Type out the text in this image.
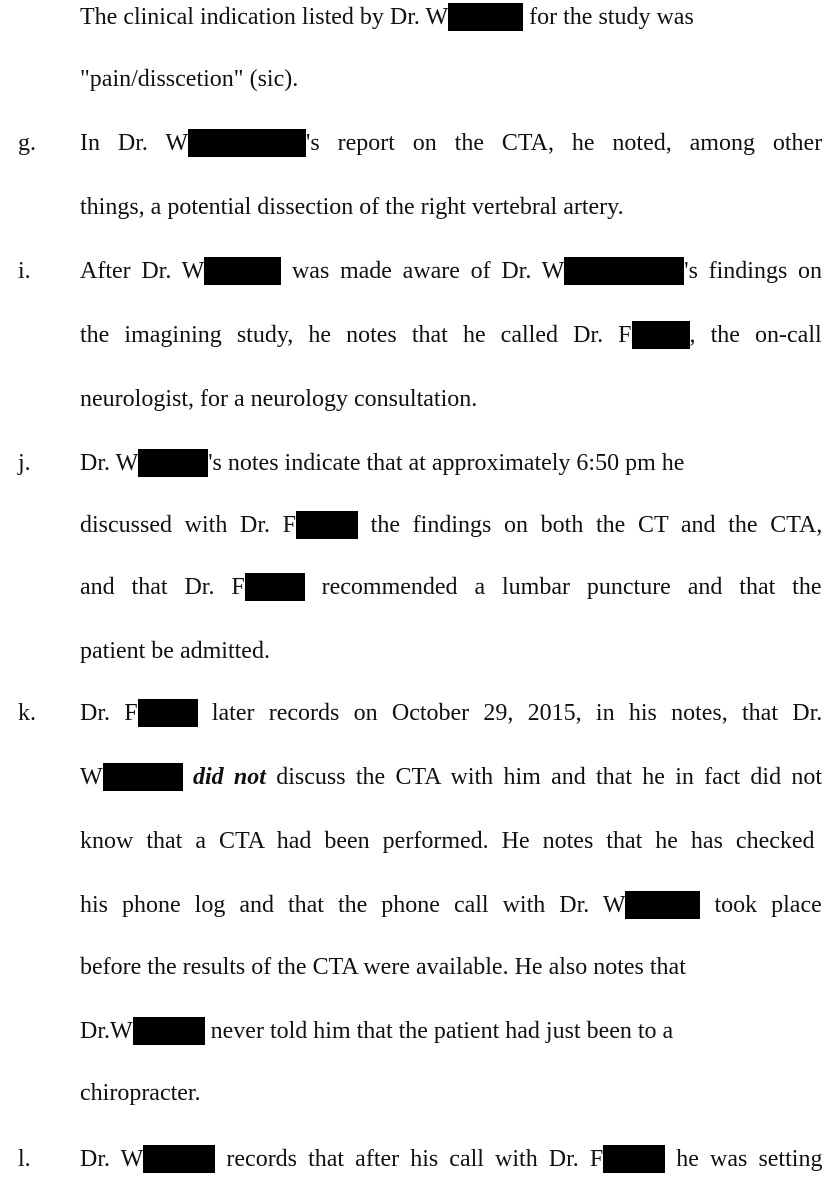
The clinical indication listed by Dr. W	for the study was
"pain/disscetion" (sic).
g. In Dr. W	's report on the CTA, he noted, among other
things, a potential dissection of the right vertebral artery.
i. After Dr. W	was made aware of Dr. W	's findings on
the imagining study, he notes that he called Dr. F , the on-call
neurologist, for a neurology consultation.
j. Dr. W	's notes indicate that at approximately 6:50 pm he
discussed with Dr. F	the findings on both the CT and the CTA,
and that Dr. F	recommended a lumbar puncture and that the
patient be admitted.
k. Dr. F	later records on October 29, 2015, in his notes, that Dr.
W	did not discuss the CTA with him and that he in fact did not
know that a CTA had been performed. He notes that he has checked
his phone log and that the phone call with Dr. W	took place
before the results of the CTA were available. He also notes that
Dr.W	never told him that the patient had just been to a
chiropracter.
l. Dr. W	records that after his call with Dr. F	he was setting
